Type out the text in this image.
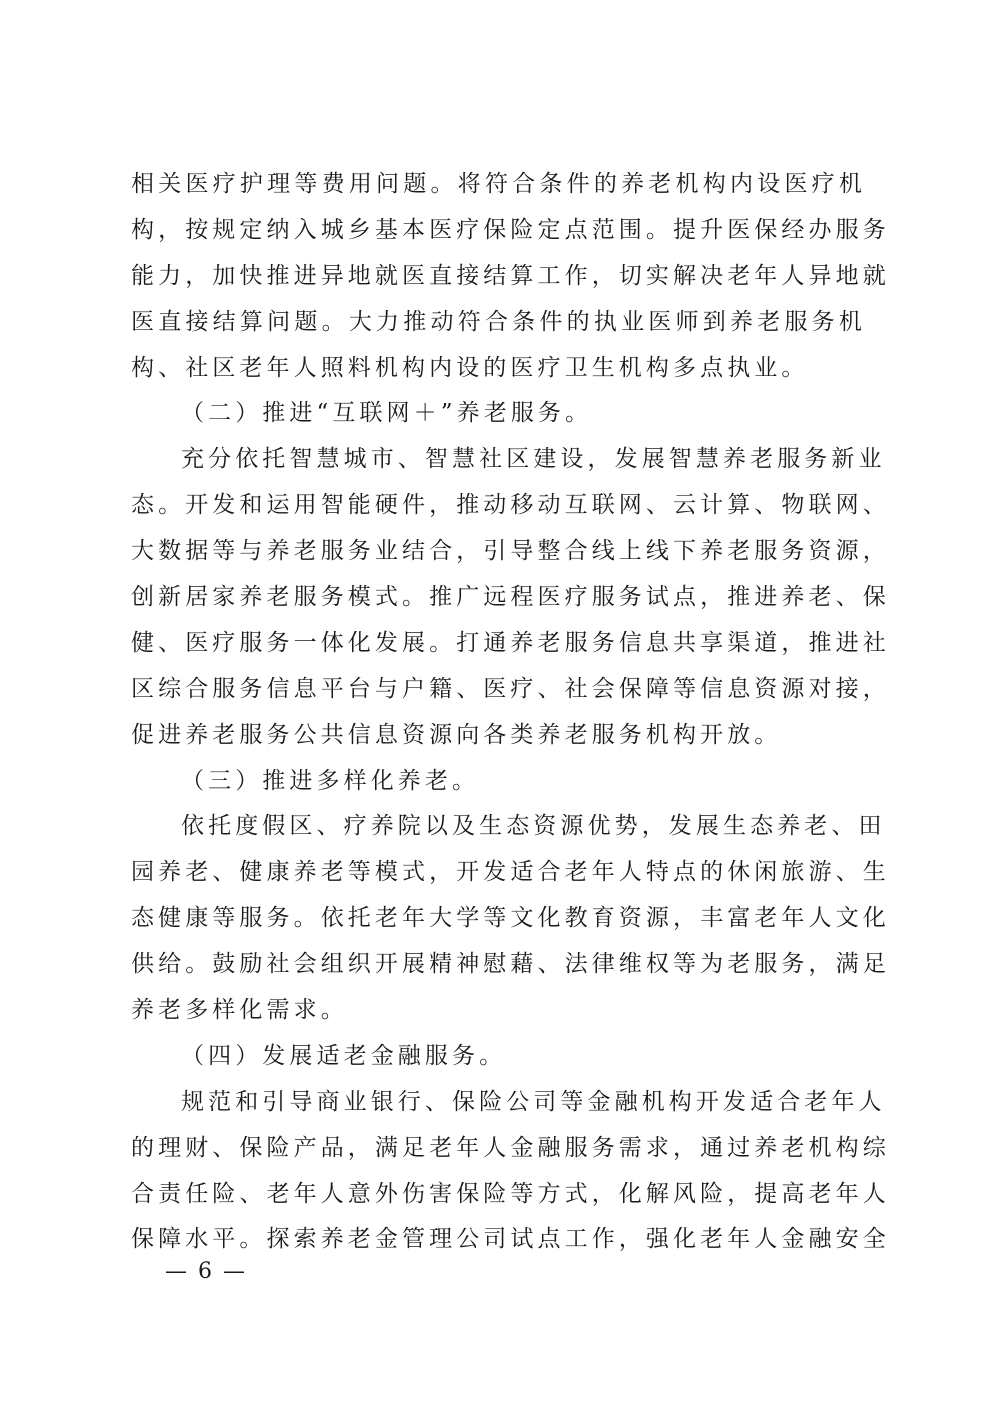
相关医疗护理等费用问题。将符合条件的养老机构内设医疗机
构，按规定纳入城乡基本医疗保险定点范围。提升医保经办服务
能力，加快推进异地就医直接结算工作，切实解决老年人异地就
医直接结算问题。大力推动符合条件的执业医师到养老服务机
构、社区老年人照料机构内设的医疗卫生机构多点执业。
（二）推进“互联网＋”养老服务。
充分依托智慧城市、智慧社区建设，发展智慧养老服务新业
态。开发和运用智能硬件，推动移动互联网、云计算、物联网、
大数据等与养老服务业结合，引导整合线上线下养老服务资源，
创新居家养老服务模式。推广远程医疗服务试点，推进养老、保
健、医疗服务一体化发展。打通养老服务信息共享渠道，推进社
区综合服务信息平台与户籍、医疗、社会保障等信息资源对接，
促进养老服务公共信息资源向各类养老服务机构开放。
（三）推进多样化养老。
依托度假区、疗养院以及生态资源优势，发展生态养老、田
园养老、健康养老等模式，开发适合老年人特点的休闲旅游、生
态健康等服务。依托老年大学等文化教育资源，丰富老年人文化
供给。鼓励社会组织开展精神慰藉、法律维权等为老服务，满足
养老多样化需求。
（四）发展适老金融服务。
规范和引导商业银行、保险公司等金融机构开发适合老年人
的理财、保险产品，满足老年人金融服务需求，通过养老机构综
合责任险、老年人意外伤害保险等方式，化解风险，提高老年人
保障水平。探索养老金管理公司试点工作，强化老年人金融安全
— 6 —
